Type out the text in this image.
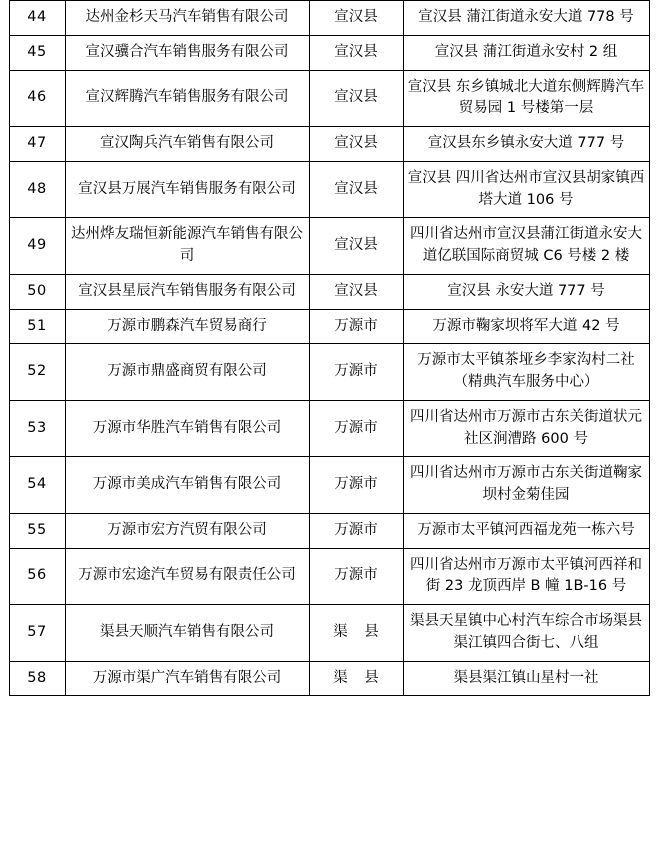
44	达州金杉天马汽车销售有限公司	宣汉县	宣汉县 蒲江街道永安大道 778 号
45	宣汉骥合汽车销售服务有限公司	宣汉县	宣汉县 蒲江街道永安村 2 组
46	宣汉辉腾汽车销售服务有限公司	宣汉县	宣汉县 东乡镇城北大道东侧辉腾汽车贸易园 1 号楼第一层
47	宣汉陶兵汽车销售有限公司	宣汉县	宣汉县东乡镇永安大道 777 号
48	宣汉县万展汽车销售服务有限公司	宣汉县	宣汉县 四川省达州市宣汉县胡家镇西塔大道 106 号
49	达州烨友瑞恒新能源汽车销售有限公司	宣汉县	四川省达州市宣汉县蒲江街道永安大道亿联国际商贸城 C6 号楼 2 楼
50	宣汉县星辰汽车销售服务有限公司	宣汉县	宣汉县 永安大道 777 号
51	万源市鹏森汽车贸易商行	万源市	万源市鞠家坝将军大道 42 号
52	万源市鼎盛商贸有限公司	万源市	万源市太平镇茶垭乡李家沟村二社（精典汽车服务中心）
53	万源市华胜汽车销售有限公司	万源市	四川省达州市万源市古东关街道状元社区涧漕路 600 号
54	万源市美成汽车销售有限公司	万源市	四川省达州市万源市古东关街道鞠家坝村金菊佳园
55	万源市宏方汽贸有限公司	万源市	万源市太平镇河西福龙苑一栋六号
56	万源市宏途汽车贸易有限责任公司	万源市	四川省达州市万源市太平镇河西祥和街 23 龙顶西岸 B 幢 1B-16 号
57	渠县天顺汽车销售有限公司	渠 县	渠县天星镇中心村汽车综合市场渠县渠江镇四合街七、八组
58	万源市渠广汽车销售有限公司	渠 县	渠县渠江镇山星村一社
